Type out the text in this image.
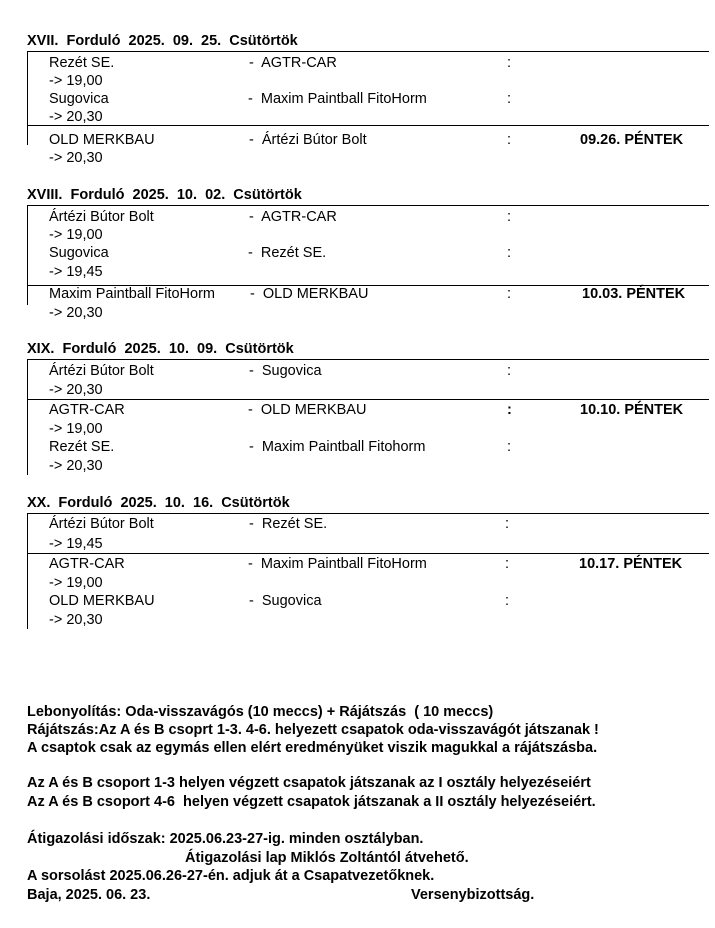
XVII.  Forduló  2025.  09.  25.  Csütörtök
Rezét SE.	-  AGTR-CAR	:
-> 19,00
Sugovica	-  Maxim Paintball FitoHorm	:
-> 20,30
OLD MERKBAU	-  Ártézi Bútor Bolt	:	09.26. PÉNTEK
-> 20,30
XVIII.  Forduló  2025.  10.  02.  Csütörtök
Ártézi Bútor Bolt	-  AGTR-CAR	:
-> 19,00
Sugovica	-  Rezét SE.	:
-> 19,45
Maxim Paintball FitoHorm -  OLD MERKBAU	:	10.03. PÉNTEK
-> 20,30
XIX.  Forduló  2025.  10.  09.  Csütörtök
Ártézi Bútor Bolt	-  Sugovica	:
-> 20,30
AGTR-CAR	-  OLD MERKBAU	:	10.10. PÉNTEK
-> 19,00
Rezét SE.	-  Maxim Paintball Fitohorm	:
-> 20,30
XX.  Forduló  2025.  10.  16.  Csütörtök
Ártézi Bútor Bolt	-  Rezét SE.	:
-> 19,45
AGTR-CAR	-  Maxim Paintball FitoHorm	:	10.17. PÉNTEK
-> 19,00
OLD MERKBAU	-  Sugovica	:
-> 20,30
Lebonyolítás: Oda-visszavágós (10 meccs) + Rájátszás  ( 10 meccs)
Rájátszás:Az A és B csoprt 1-3. 4-6. helyezett csapatok oda-visszavágót játszanak !
A csaptok csak az egymás ellen elért eredményüket viszik magukkal a rájátszásba.
Az A és B csoport 1-3 helyen végzett csapatok játszanak az I osztály helyezéseiért
Az A és B csoport 4-6  helyen végzett csapatok játszanak a II osztály helyezéseiért.
Átigazolási időszak: 2025.06.23-27-ig. minden osztályban.
Átigazolási lap Miklós Zoltántól átvehető.
A sorsolást 2025.06.26-27-én. adjuk át a Csapatvezetőknek.
Baja, 2025. 06. 23.	Versenybizottság.
